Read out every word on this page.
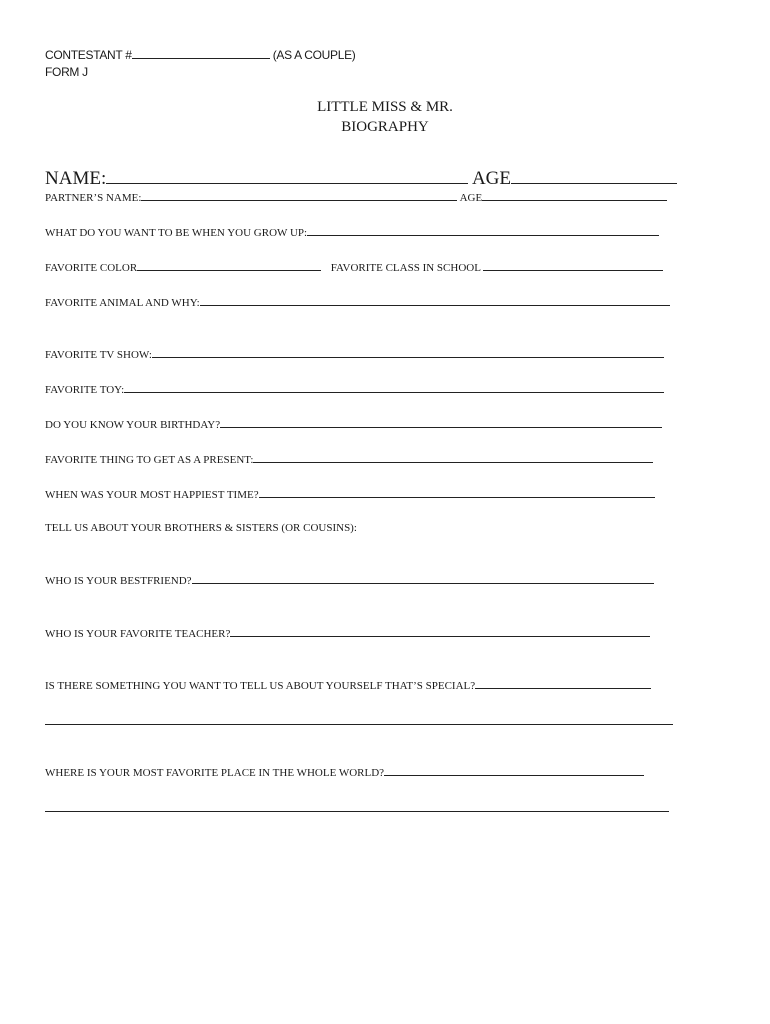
CONTESTANT #	(AS A COUPLE)
FORM J
LITTLE MISS & MR.
BIOGRAPHY
NAME:	AGE
PARTNER’S NAME:	AGE
WHAT DO YOU WANT TO BE WHEN YOU GROW UP:
FAVORITE COLOR	FAVORITE CLASS IN SCHOOL
FAVORITE ANIMAL AND WHY:
FAVORITE TV SHOW:
FAVORITE TOY:
DO YOU KNOW YOUR BIRTHDAY?
FAVORITE THING TO GET AS A PRESENT:
WHEN WAS YOUR MOST HAPPIEST TIME?
TELL US ABOUT YOUR BROTHERS & SISTERS (OR COUSINS):
WHO IS YOUR BESTFRIEND?
WHO IS YOUR FAVORITE TEACHER?
IS THERE SOMETHING YOU WANT TO TELL US ABOUT YOURSELF THAT’S SPECIAL?
WHERE IS YOUR MOST FAVORITE PLACE IN THE WHOLE WORLD?
